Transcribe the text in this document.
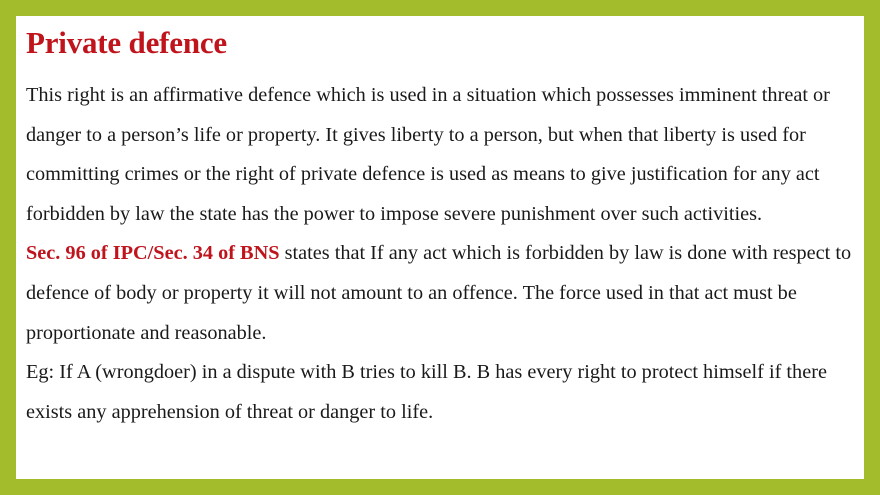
Private defence

This right is an affirmative defence which is used in a situation which possesses imminent threat or danger to a person’s life or property. It gives liberty to a person, but when that liberty is used for committing crimes or the right of private defence is used as means to give justification for any act forbidden by law the state has the power to impose severe punishment over such activities.

Sec. 96 of IPC/Sec. 34 of BNS states that If any act which is forbidden by law is done with respect to defence of body or property it will not amount to an offence. The force used in that act must be proportionate and reasonable.

Eg: If A (wrongdoer) in a dispute with B tries to kill B. B has every right to protect himself if there exists any apprehension of threat or danger to life.
